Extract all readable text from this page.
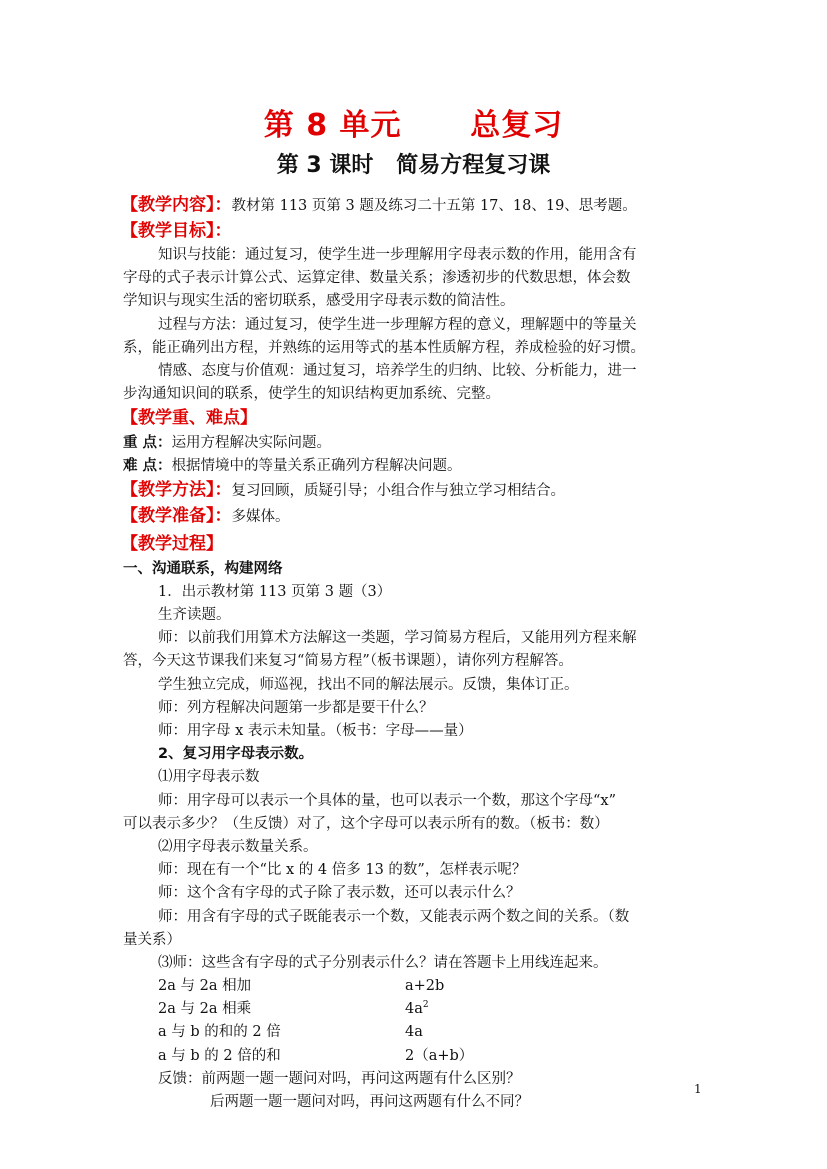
第 8 单元      总复习
第 3 课时   简易方程复习课
【教学内容】：教材第 113 页第 3 题及练习二十五第 17、18、19、思考题。
【教学目标】：
知识与技能：通过复习，使学生进一步理解用字母表示数的作用，能用含有
字母的式子表示计算公式、运算定律、数量关系；渗透初步的代数思想，体会数
学知识与现实生活的密切联系，感受用字母表示数的简洁性。
过程与方法：通过复习，使学生进一步理解方程的意义，理解题中的等量关
系，能正确列出方程，并熟练的运用等式的基本性质解方程，养成检验的好习惯。
情感、态度与价值观：通过复习，培养学生的归纳、比较、分析能力，进一
步沟通知识间的联系，使学生的知识结构更加系统、完整。
【教学重、难点】
重 点：运用方程解决实际问题。
难 点：根据情境中的等量关系正确列方程解决问题。
【教学方法】：复习回顾，质疑引导；小组合作与独立学习相结合。
【教学准备】：多媒体。
【教学过程】
一、沟通联系，构建网络
1．出示教材第 113 页第 3 题（3）
生齐读题。
师：以前我们用算术方法解这一类题，学习简易方程后，又能用列方程来解
答，今天这节课我们来复习“简易方程”（板书课题），请你列方程解答。
学生独立完成，师巡视，找出不同的解法展示。反馈，集体订正。
师：列方程解决问题第一步都是要干什么？
师：用字母 x 表示未知量。（板书：字母——量）
2、复习用字母表示数。
⑴用字母表示数
师：用字母可以表示一个具体的量，也可以表示一个数，那这个字母“x”
可以表示多少？（生反馈）对了，这个字母可以表示所有的数。（板书：数）
⑵用字母表示数量关系。
师：现在有一个“比 x 的 4 倍多 13 的数”，怎样表示呢？
师：这个含有字母的式子除了表示数，还可以表示什么？
师：用含有字母的式子既能表示一个数，又能表示两个数之间的关系。（数
量关系）
⑶师：这些含有字母的式子分别表示什么？请在答题卡上用线连起来。
2a 与 2a 相加	a+2b
2a 与 2a 相乘	$4a^2$
a 与 b 的和的 2 倍	4a
a 与 b 的 2 倍的和	2（a+b）
反馈：前两题一题一题问对吗，再问这两题有什么区别？
后两题一题一题问对吗，再问这两题有什么不同？
1
